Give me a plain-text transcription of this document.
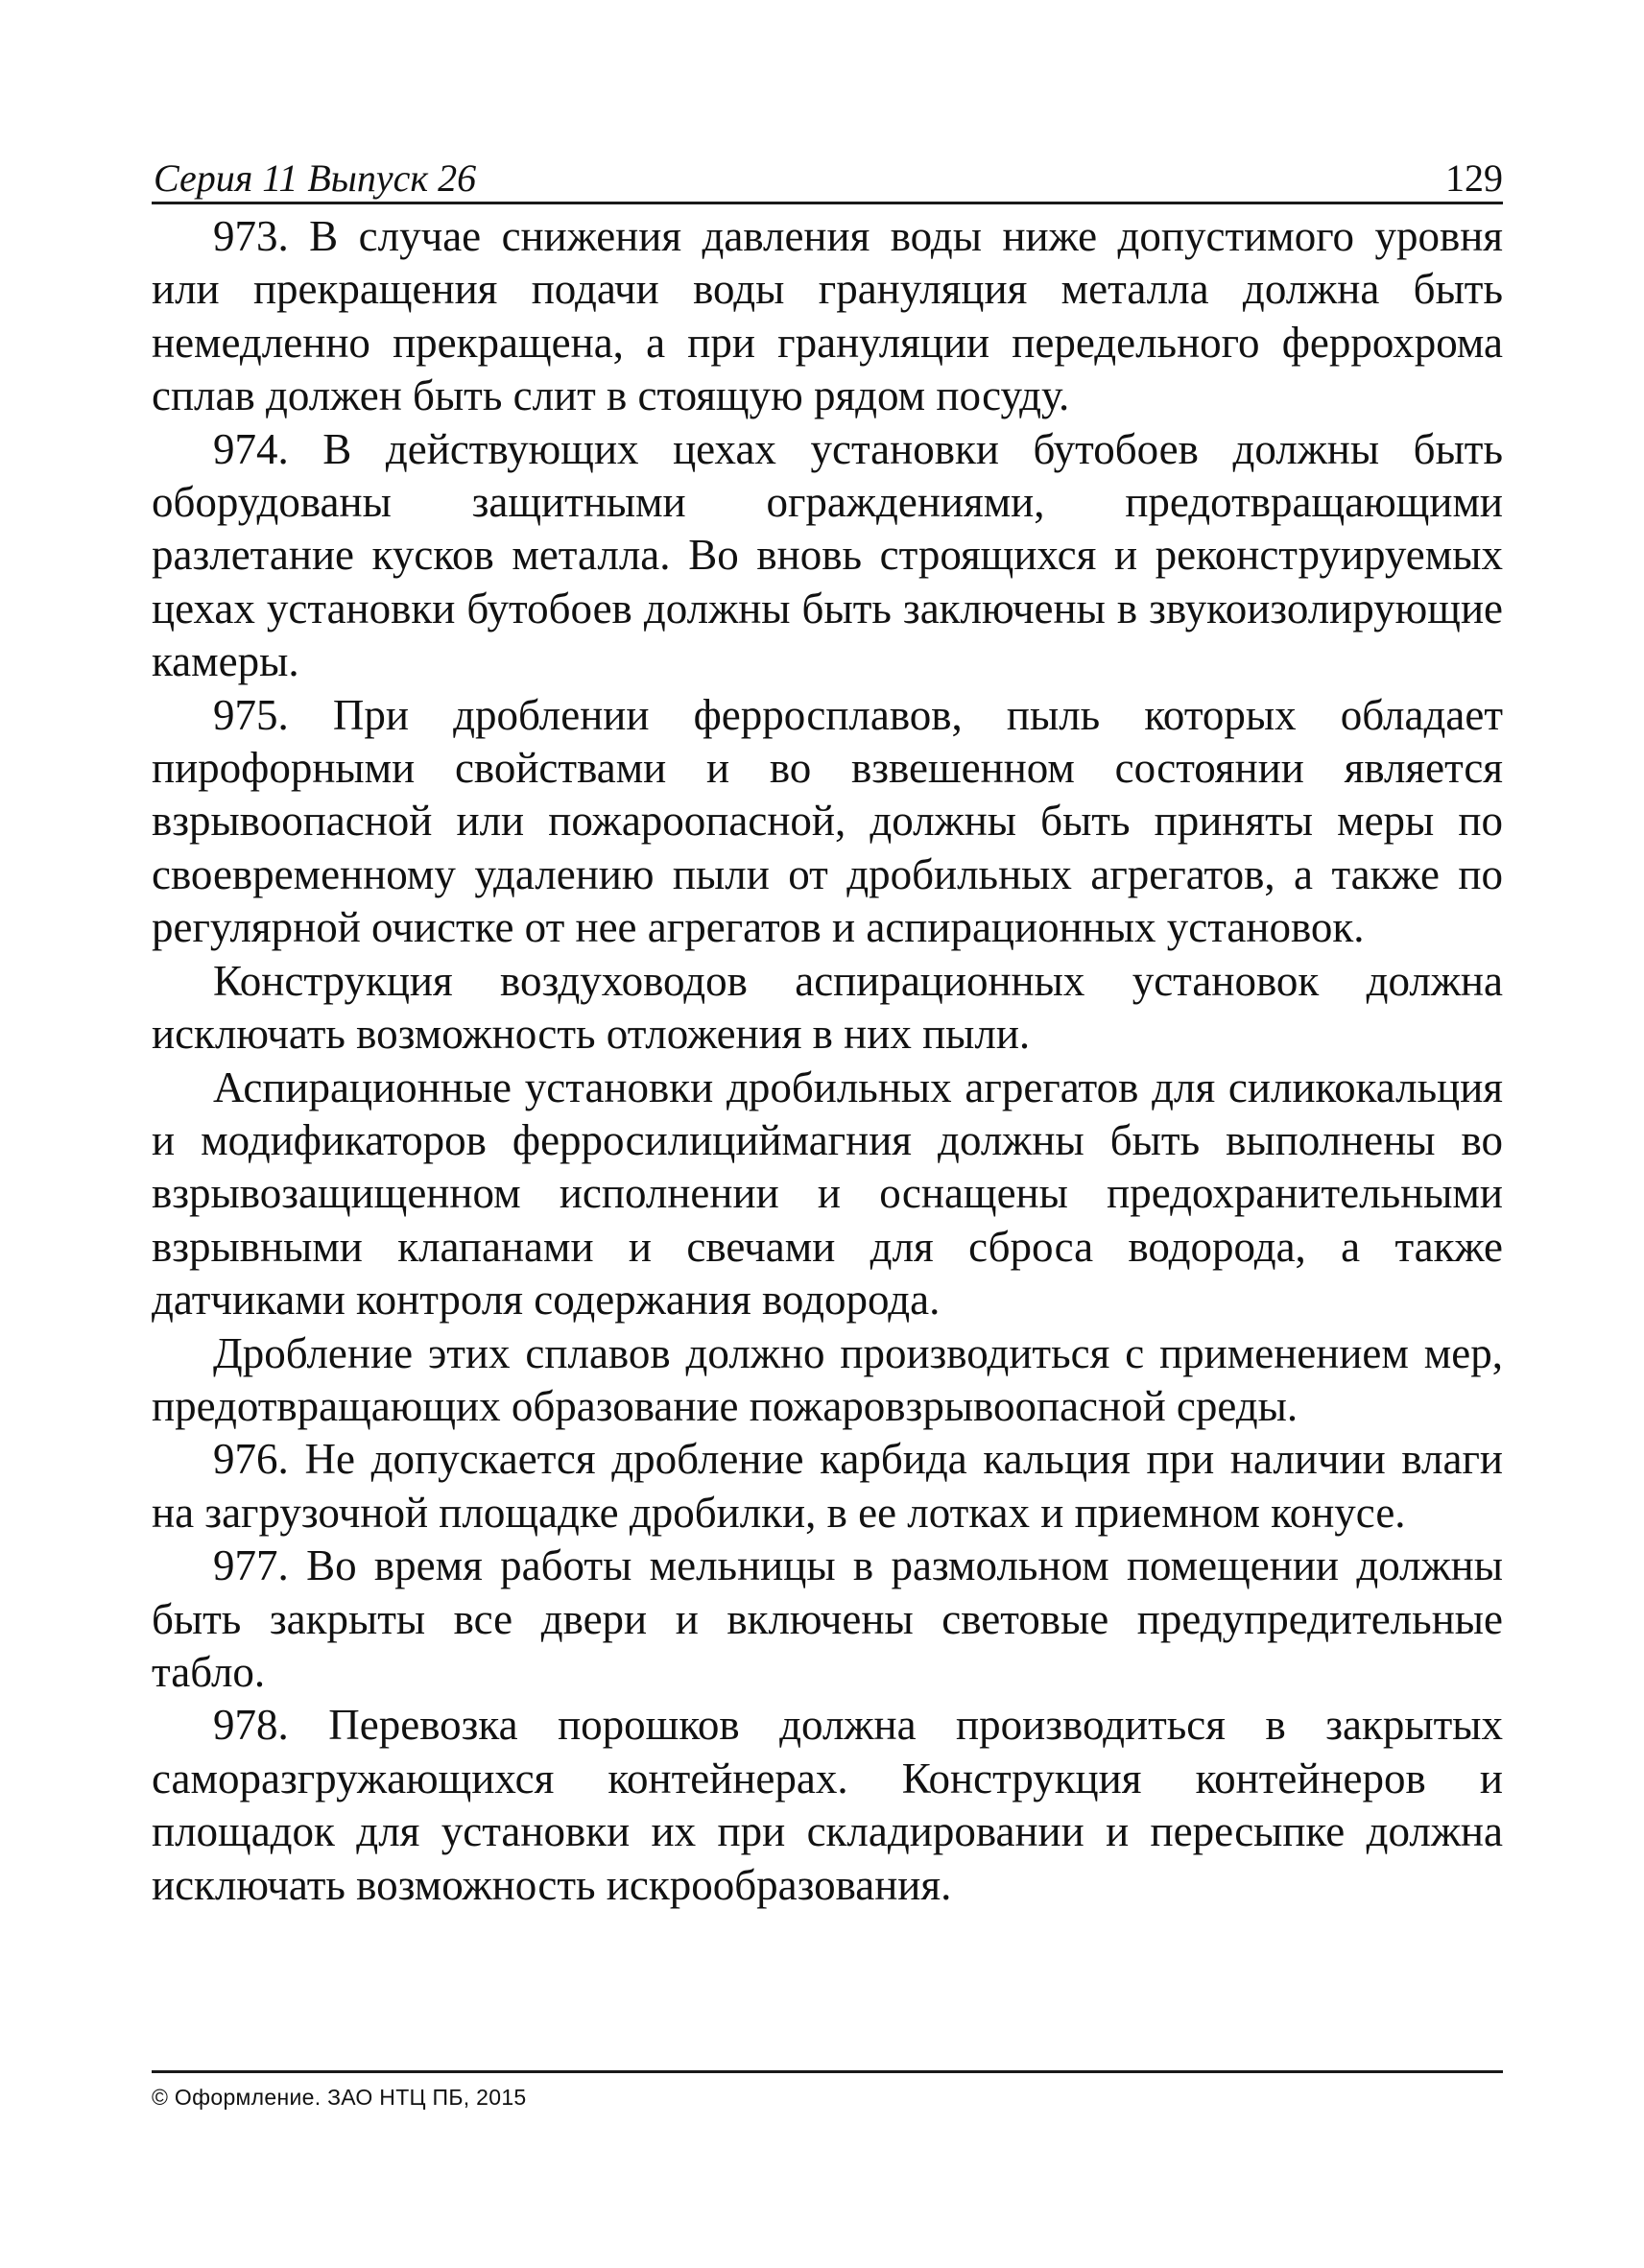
Серия 11 Выпуск 26	129

973. В случае снижения давления воды ниже допустимого уровня или прекращения подачи воды грануляция металла должна быть немедленно прекращена, а при грануляции передельного феррохрома сплав должен быть слит в стоящую рядом посуду.

974. В действующих цехах установки бутобоев должны быть оборудованы защитными ограждениями, предотвращающими разлетание кусков металла. Во вновь строящихся и реконструируемых цехах установки бутобоев должны быть заключены в звукоизолирующие камеры.

975. При дроблении ферросплавов, пыль которых обладает пирофорными свойствами и во взвешенном состоянии является взрывоопасной или пожароопасной, должны быть приняты меры по своевременному удалению пыли от дробильных агрегатов, а также по регулярной очистке от нее агрегатов и аспирационных установок.

Конструкция воздуховодов аспирационных установок должна исключать возможность отложения в них пыли.

Аспирационные установки дробильных агрегатов для силикокальция и модификаторов ферросилициймагния должны быть выполнены во взрывозащищенном исполнении и оснащены предохранительными взрывными клапанами и свечами для сброса водорода, а также датчиками контроля содержания водорода.

Дробление этих сплавов должно производиться с применением мер, предотвращающих образование пожаровзрывоопасной среды.

976. Не допускается дробление карбида кальция при наличии влаги на загрузочной площадке дробилки, в ее лотках и приемном конусе.

977. Во время работы мельницы в размольном помещении должны быть закрыты все двери и включены световые предупредительные табло.

978. Перевозка порошков должна производиться в закрытых саморазгружающихся контейнерах. Конструкция контейнеров и площадок для установки их при складировании и пересыпке должна исключать возможность искрообразования.

© Оформление. ЗАО НТЦ ПБ, 2015
